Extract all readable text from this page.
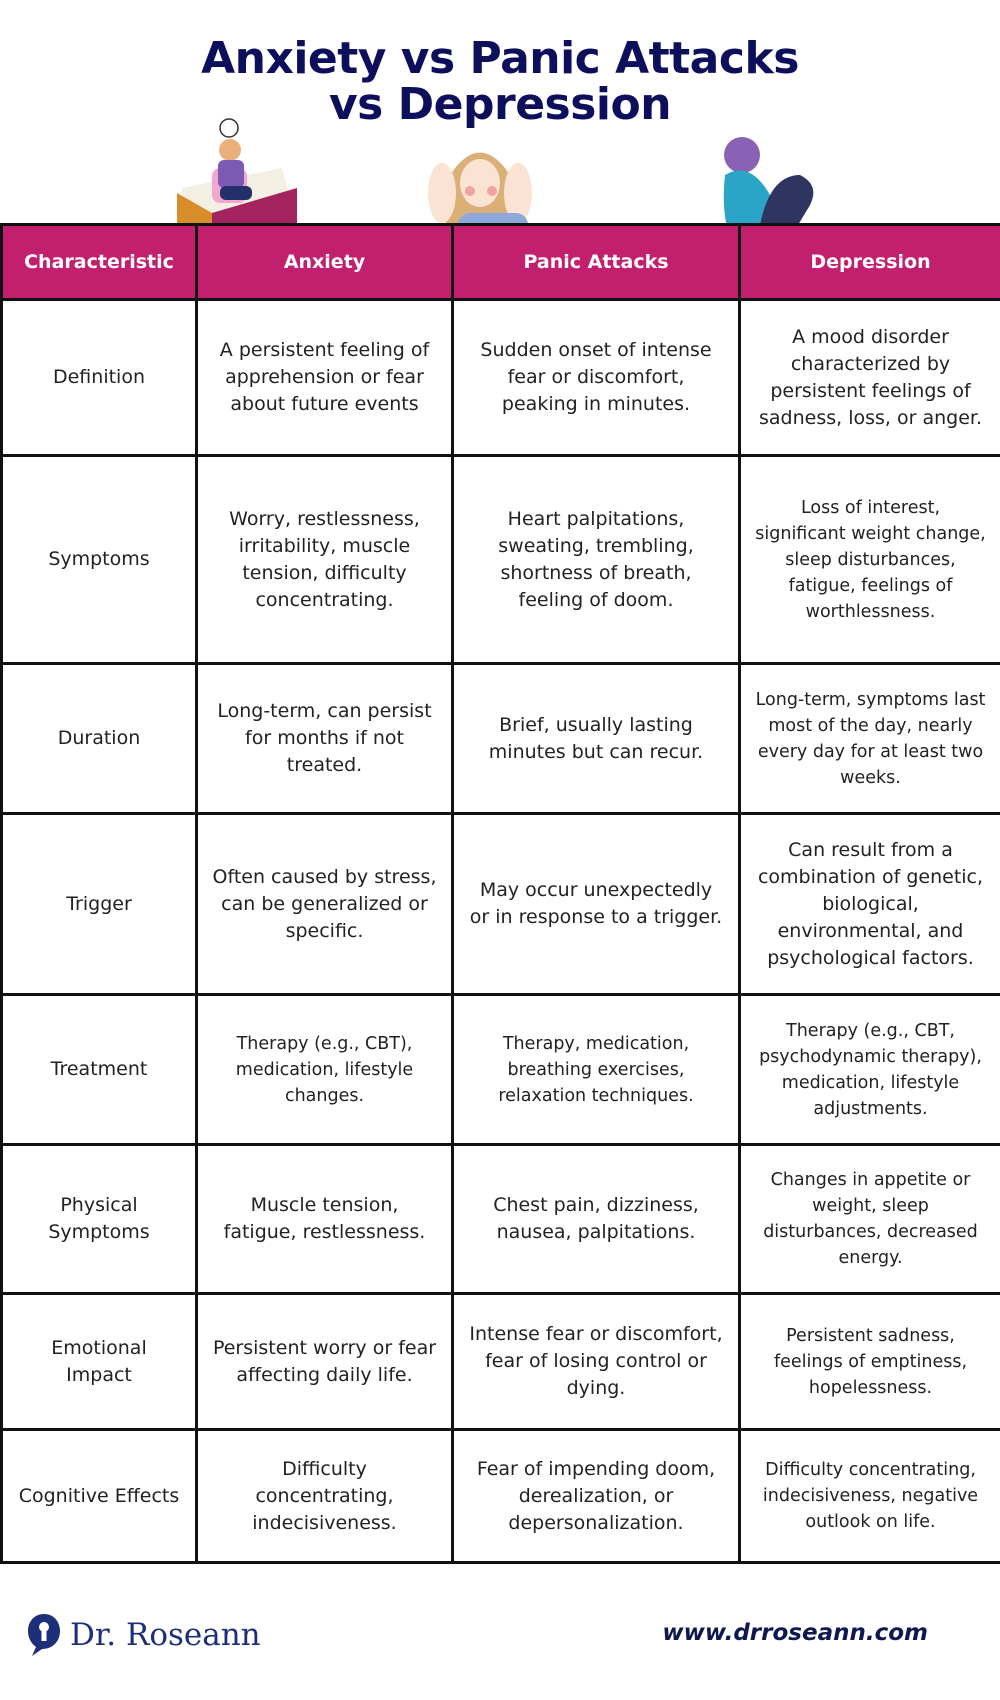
Anxiety vs Panic Attacks
vs Depression
Characteristic	Anxiety	Panic Attacks	Depression
Definition	A persistent feeling of apprehension or fear about future events	Sudden onset of intense fear or discomfort, peaking in minutes.	A mood disorder characterized by persistent feelings of sadness, loss, or anger.
Symptoms	Worry, restlessness, irritability, muscle tension, difficulty concentrating.	Heart palpitations, sweating, trembling, shortness of breath, feeling of doom.	Loss of interest, significant weight change, sleep disturbances, fatigue, feelings of worthlessness.
Duration	Long-term, can persist for months if not treated.	Brief, usually lasting minutes but can recur.	Long-term, symptoms last most of the day, nearly every day for at least two weeks.
Trigger	Often caused by stress, can be generalized or specific.	May occur unexpectedly or in response to a trigger.	Can result from a combination of genetic, biological, environmental, and psychological factors.
Treatment	Therapy (e.g., CBT), medication, lifestyle changes.	Therapy, medication, breathing exercises, relaxation techniques.	Therapy (e.g., CBT, psychodynamic therapy), medication, lifestyle adjustments.
Physical Symptoms	Muscle tension, fatigue, restlessness.	Chest pain, dizziness, nausea, palpitations.	Changes in appetite or weight, sleep disturbances, decreased energy.
Emotional Impact	Persistent worry or fear affecting daily life.	Intense fear or discomfort, fear of losing control or dying.	Persistent sadness, feelings of emptiness, hopelessness.
Cognitive Effects	Difficulty concentrating, indecisiveness.	Fear of impending doom, derealization, or depersonalization.	Difficulty concentrating, indecisiveness, negative outlook on life.
Dr. Roseann	www.drroseann.com
